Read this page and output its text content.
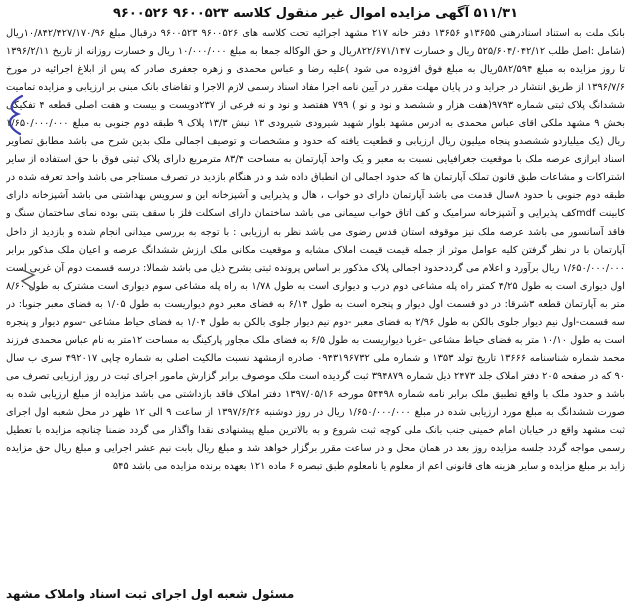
۵۱۱/۳۱ آگهی مزایده اموال غیر منقول کلاسه ۹۶۰۰۵۲۳ ۹۶۰۰۵۲۶
بانک ملت به استناد اسنادرهنی ۱۳۶۵۵و ۱۳۶۵۶ دفتر خانه ۲۱۷ مشهد اجرائیه تحت کلاسه های ۹۶۰۰۵۲۶ ۹۶۰۰۵۲۳ درقبال مبلغ ۱۰/۸۴۲/۴۲۷/۱۷۰/۹۶ریال (شامل :اصل طلب ۵۲۵/۶۰۴/۰۴۲/۱۲ ریال و خسارت ۸۲۲/۶۷۱/۱۴۷ریال و حق الوکاله جمعا به مبلغ ۱۰/۰۰۰/۰۰۰ ریال و خسارت روزانه از تاریخ ۱۳۹۶/۲/۱۱ تا روز مزایده به مبلغ ۵۸۲/۵۹۴ریال به مبلغ فوق افزوده می شود )علیه رضا و عباس محمدی و زهره جعفری صادر که پس از ابلاغ اجرائیه در مورخ ۱۳۹۶/۷/۶ از طریق انتشار در جراید و در پایان مهلت مقرر در آیین نامه اجرا مفاد اسناد رسمی لازم الاجرا و تقاضای بانک مبنی بر ارزیابی و مزایده تمامیت ششدانگ پلاک ثبتی شماره ۹۷۹۳(هفت هزار و ششصد و نود و نو ) ۷۹۹ هفتصد و نود و نه فرعی از ۲۳۷دویست و بیست و هفت اصلی قطعه ۴ تفکیکی بخش ۹ مشهد ملکی اقای عباس محمدی به ادرس مشهد بلوار شهید شیرودی شیرودی ۱۳ نبش ۱۳/۳ پلاک ۹ طبقه دوم جنوبی به مبلغ ۱/۶۵۰/۰۰۰/۰۰۰ ریال (یک میلیاردو ششصدو پنجاه میلیون ریال ارزیابی و قطعیت یافته که حدود و مشخصات و توصیف اجمالی ملک بدین شرح می باشد مطابق تصاویر اسناد ابرازی عرصه ملک با موقعیت جغرافیایی نسبت به معبر و یک واحد آپارتمان به مساحت ۸۳/۴ مترمربع دارای پلاک ثبتی فوق با حق استفاده از سایر اشتراکات و مشاعات طبق قانون تملک آپارتمان ها که حدود اجمالی ان انطباق داده شد و در هنگام بازدید در تصرف مستاجر می باشد واحد تعرفه شده در طبقه دوم جنوبی با حدود ۸سال قدمت می باشد آپارتمان دارای دو خواب ، هال و پذیرایی و آشپزخانه این و سرویس بهداشتی می باشد آشپزخانه دارای کابینت mdfکف پذیرایی و آشپزخانه سرامیک و کف اتاق خواب سیمانی می باشد ساختمان دارای اسکلت فلز با سقف بتنی بوده نمای ساختمان سنگ و فاقد آسانسور می باشد عرصه ملک نیز موقوفه استان قدس رضوی می باشد نظر به ارزیابی : با توجه به بررسی میدانی انجام شده و بازدید از داخل آپارتمان با در نظر گرفتن کلیه عوامل موثر از جمله قیمت قیمت املاک مشابه و موقعیت مکانی ملک ارزش ششدانگ عرصه و اعیان ملک مذکور برابر ۱/۶۵۰/۰۰۰/۰۰۰ ریال برآورد و اعلام می گرددحدود اجمالی پلاک مذکور بر اساس پرونده ثبتی بشرح ذیل می باشد شمالا: درسه قسمت دوم آن غربی است اول دیواری است به طول ۴/۲۵ کمتر راه پله مشاعی دوم درب و دیواری است به طول ۱/۷۸ به راه پله مشاعی سوم دیواری است مشترک به طول ۸/۶۰ متر به آپارتمان قطعه ۳شرقا: در دو قسمت اول دیوار و پنجره است به طول ۶/۱۴ به فضای معبر دوم دیواریست به طول ۱/۰۵ به فضای معبر جنوبا: در سه قسمت-اول نیم دیوار جلوی بالکن به طول ۲/۹۶ به فضای معبر -دوم نیم دیوار جلوی بالکن به طول ۱/۰۴ به فضای حیاط مشاعی -سوم دیوار و پنجره است به طول ۱۰/۱۰ متر به فضای حیاط مشاعی -غربا دیواریست به طول ۶/۵ به فضای ملک مجاور پارکینگ به مساحت ۱۲متر به نام عباس محمدی فرزند محمد شماره شناسنامه ۱۳۶۶۶ تاریخ تولد ۱۳۵۳ و شماره ملی ۰۹۴۳۱۹۶۷۳۲ صادره ازمشهد نسبت مالکیت اصلی به شماره چاپی ۴۹۲۰۱۷ سری ب سال ۹۰ که در صفحه ۲۰۵ دفتر املاک جلد ۲۴۷۳ ذیل شماره ۳۹۴۸۷۹ ثبت گردیده است ملک موصوف برابر گزارش مامور اجرای ثبت در روز ارزیابی تصرف می باشد و حدود ملک با واقع تطبیق ملک برابر نامه شماره ۵۴۴۹۸ مورخه ۱۳۹۷/۰۵/۱۶ دفتر املاک فاقد بازداشتی می باشد مزایده از مبلغ ارزیابی شده به صورت ششدانگ به مبلغ مورد ارزیابی شده در مبلغ ۱/۶۵۰/۰۰۰/۰۰۰ ریال در روز دوشنبه ۱۳۹۷/۶/۲۶ از ساعت ۹ الی ۱۲ ظهر در محل شعبه اول اجرای ثبت مشهد واقع در خیابان امام خمینی جنب بانک ملی کوچه ثبت شروع و به بالاترین مبلغ پیشنهادی نقدا واگذار می گردد ضمنا چنانچه مزایده با تعطیل رسمی مواجه گردد جلسه مزایده روز بعد در همان محل و در ساعت مقرر برگزار خواهد شد و مبلغ ریال بابت نیم عشر اجرایی و مبلغ ریال حق مزایده زاید بر مبلغ مزایده و سایر هزینه های قانونی اعم از معلوم یا نامعلوم طبق تبصره ۶ ماده ۱۲۱ بعهده برنده مزایده می باشد ۵۴۵
مسئول شعبه اول اجرای ثبت اسناد واملاک مشهد
